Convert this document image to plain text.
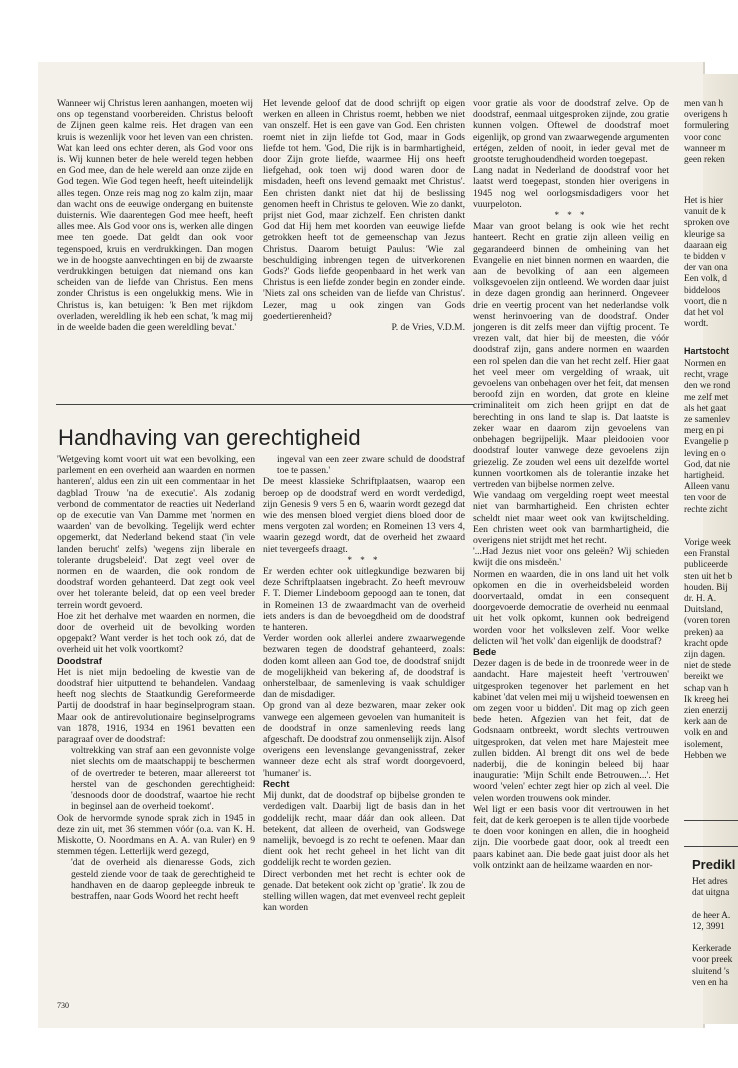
Wanneer wij Christus leren aanhangen, moeten wij ons op tegenstand voorbereiden. Christus belooft de Zijnen geen kalme reis. Het dragen van een kruis is wezenlijk voor het leven van een christen. Wat kan leed ons echter deren, als God voor ons is. Wij kunnen beter de hele wereld tegen hebben en God mee, dan de hele wereld aan onze zijde en God tegen. Wie God tegen heeft, heeft uiteindelijk alles tegen. Onze reis mag nog zo kalm zijn, maar dan wacht ons de eeuwige ondergang en buitenste duisternis. Wie daarentegen God mee heeft, heeft alles mee. Als God voor ons is, werken alle dingen mee ten goede. Dat geldt dan ook voor tegenspoed, kruis en verdrukkingen. Dan mogen we in de hoogste aanvechtingen en bij de zwaarste verdrukkingen betuigen dat niemand ons kan scheiden van de liefde van Christus. Een mens zonder Christus is een ongelukkig mens. Wie in Christus is, kan betuigen: 'k Ben met rijkdom overladen, wereldling ik heb een schat, 'k mag mij in de weelde baden die geen wereldling bevat.'

Het levende geloof dat de dood schrijft op eigen werken en alleen in Christus roemt, hebben we niet van onszelf. Het is een gave van God. Een christen roemt niet in zijn liefde tot God, maar in Gods liefde tot hem. 'God, Die rijk is in barmhartigheid, door Zijn grote liefde, waarmee Hij ons heeft liefgehad, ook toen wij dood waren door de misdaden, heeft ons levend gemaakt met Christus'. Een christen dankt niet dat hij de beslissing genomen heeft in Christus te geloven. Wie zo dankt, prijst niet God, maar zichzelf. Een christen dankt God dat Hij hem met koorden van eeuwige liefde getrokken heeft tot de gemeenschap van Jezus Christus. Daarom betuigt Paulus: 'Wie zal beschuldiging inbrengen tegen de uitverkorenen Gods?' Gods liefde geopenbaard in het werk van Christus is een liefde zonder begin en zonder einde. 'Niets zal ons scheiden van de liefde van Christus'. Lezer, mag u ook zingen van Gods goedertierenheid?

P. de Vries, V.D.M.

Handhaving van gerechtigheid

'Wetgeving komt voort uit wat een bevolking, een parlement en een overheid aan waarden en normen hanteren', aldus een zin uit een commentaar in het dagblad Trouw 'na de executie'. Als zodanig verbond de commentator de reacties uit Nederland op de executie van Van Damme met 'normen en waarden' van de bevolking. Tegelijk werd echter opgemerkt, dat Nederland bekend staat ('in vele landen berucht' zelfs) 'wegens zijn liberale en tolerante drugsbeleid'. Dat zegt veel over de normen en de waarden, die ook rondom de doodstraf worden gehanteerd. Dat zegt ook veel over het tolerante beleid, dat op een veel breder terrein wordt gevoerd.

Hoe zit het derhalve met waarden en normen, die door de overheid uit de bevolking worden opgepakt? Want verder is het toch ook zó, dat de overheid uit het volk voortkomt?

Doodstraf

Het is niet mijn bedoeling de kwestie van de doodstraf hier uitputtend te behandelen. Vandaag heeft nog slechts de Staatkundig Gereformeerde Partij de doodstraf in haar beginselprogram staan. Maar ook de antirevolutionaire beginselprograms van 1878, 1916, 1934 en 1961 bevatten een paragraaf over de doodstraf:

voltrekking van straf aan een gevonniste volge niet slechts om de maatschappij te beschermen of de overtreder te beteren, maar allereerst tot herstel van de geschonden gerechtigheid: 'desnoods door de doodstraf, waartoe hie recht in beginsel aan de overheid toekomt'.

Ook de hervormde synode sprak zich in 1945 in deze zin uit, met 36 stemmen vóór (o.a. van K. H. Miskotte, O. Noordmans en A. A. van Ruler) en 9 stemmen tégen. Letterlijk werd gezegd,

'dat de overheid als dienaresse Gods, zich gesteld ziende voor de taak de gerechtigheid te handhaven en de daarop gepleegde inbreuk te bestraffen, naar Gods Woord het recht heeft

ingeval van een zeer zware schuld de doodstraf toe te passen.'

De meest klassieke Schriftplaatsen, waarop een beroep op de doodstraf werd en wordt verdedigd, zijn Genesis 9 vers 5 en 6, waarin wordt gezegd dat wie des mensen bloed vergiet diens bloed door de mens vergoten zal worden; en Romeinen 13 vers 4, waarin gezegd wordt, dat de overheid het zwaard niet tevergeefs draagt.

* * *

Er werden echter ook uitlegkundige bezwaren bij deze Schriftplaatsen ingebracht. Zo heeft mevrouw F. T. Diemer Lindeboom gepoogd aan te tonen, dat in Romeinen 13 de zwaardmacht van de overheid iets anders is dan de bevoegdheid om de doodstraf te hanteren.

Verder worden ook allerlei andere zwaarwegende bezwaren tegen de doodstraf gehanteerd, zoals: doden komt alleen aan God toe, de doodstraf snijdt de mogelijkheid van bekering af, de doodstraf is onherstelbaar, de samenleving is vaak schuldiger dan de misdadiger.

Op grond van al deze bezwaren, maar zeker ook vanwege een algemeen gevoelen van humaniteit is de doodstraf in onze samenleving reeds lang afgeschaft. De doodstraf zou onmenselijk zijn. Alsof overigens een levenslange gevangenisstraf, zeker wanneer deze echt als straf wordt doorgevoerd, 'humaner' is.

Recht

Mij dunkt, dat de doodstraf op bijbelse gronden te verdedigen valt. Daarbij ligt de basis dan in het goddelijk recht, maar dáár dan ook alleen. Dat betekent, dat alleen de overheid, van Godswege namelijk, bevoegd is zo recht te oefenen. Maar dan dient ook het recht geheel in het licht van dit goddelijk recht te worden gezien.

Direct verbonden met het recht is echter ook de genade. Dat betekent ook zicht op 'gratie'. Ik zou de stelling willen wagen, dat met evenveel recht gepleit kan worden

voor gratie als voor de doodstraf zelve. Op de doodstraf, eenmaal uitgesproken zijnde, zou gratie kunnen volgen. Oftewel de doodstraf moet eigenlijk, op grond van zwaarwegende argumenten ertégen, zelden of nooit, in ieder geval met de grootste terughoudendheid worden toegepast.

Lang nadat in Nederland de doodstraf voor het laatst werd toegepast, stonden hier overigens in 1945 nog wel oorlogsmisdadigers voor het vuurpeloton.

* * *

Maar van groot belang is ook wie het recht hanteert. Recht en gratie zijn alleen veilig en gegarandeerd binnen de omheining van het Evangelie en niet binnen normen en waarden, die aan de bevolking of aan een algemeen volksgevoelen zijn ontleend. We worden daar juist in deze dagen grondig aan herinnerd. Ongeveer drie en veertig procent van het nederlandse volk wenst herinvoering van de doodstraf. Onder jongeren is dit zelfs meer dan vijftig procent. Te vrezen valt, dat hier bij de meesten, die vóór doodstraf zijn, gans andere normen en waarden een rol spelen dan die van het recht zelf. Hier gaat het veel meer om vergelding of wraak, uit gevoelens van onbehagen over het feit, dat mensen beroofd zijn en worden, dat grote en kleine criminaliteit om zich heen grijpt en dat de berechting in ons land te slap is. Dat laatste is zeker waar en daarom zijn gevoelens van onbehagen begrijpelijk. Maar pleidooien voor doodstraf louter vanwege deze gevoelens zijn griezelig. Ze zouden wel eens uit dezelfde wortel kunnen voortkomen als de tolerantie inzake het vertreden van bijbelse normen zelve.

Wie vandaag om vergelding roept weet meestal niet van barmhartigheid. Een christen echter scheldt niet maar weet ook van kwijtschelding. Een christen weet ook van barmhartigheid, die overigens niet strijdt met het recht.

'...Had Jezus niet voor ons geleën? Wij schieden kwijt die ons misdeën.'

Normen en waarden, die in ons land uit het volk opkomen en die in overheidsbeleid worden doorvertaald, omdat in een consequent doorgevoerde democratie de overheid nu eenmaal uit het volk opkomt, kunnen ook bedreigend worden voor het volksleven zelf. Voor welke delicten wil 'het volk' dan eigenlijk de doodstraf?

Bede

Dezer dagen is de bede in de troonrede weer in de aandacht. Hare majesteit heeft 'vertrouwen' uitgesproken tegenover het parlement en het kabinet 'dat velen mei mij u wijsheid toewensen en om zegen voor u bidden'. Dit mag op zich geen bede heten. Afgezien van het feit, dat de Godsnaam ontbreekt, wordt slechts vertrouwen uitgesproken, dat velen met hare Majesteit mee zullen bidden. Al brengt dit ons wel de bede naderbij, die de koningin beleed bij haar inauguratie: 'Mijn Schilt ende Betrouwen...'. Het woord 'velen' echter zegt hier op zich al veel. Die velen worden trouwens ook minder.

Wel ligt er een basis voor dit vertrouwen in het feit, dat de kerk geroepen is te allen tijde voorbede te doen voor koningen en allen, die in hoogheid zijn. Die voorbede gaat door, ook al treedt een paars kabinet aan. Die bede gaat juist door als het volk ontzinkt aan de heilzame waarden en nor-

730
men van h
overigens h
formulering
voor conc
wanneer m
geen reken
Het is hier
vanuit de k
sproken ove
kleurige sa
daaraan eig
te bidden v
der van ona
Een volk, d
biddeloos
voort, die n
dat het vol
wordt.
Hartstocht
Normen en
recht, vrage
den we rond
me zelf met
als het gaat
ze samenlev
merg en pi
Evangelie p
leving en o
God, dat nie
hartigheid.
Alleen vanu
ten voor de
rechte zicht
Vorige week
een Franstal
publiceerde
sten uit het b
houden. Bij
dr. H. A.
Duitsland,
(voren toren
preken) aa
kracht opde
zijn dagen.
niet de stede
bereikt we
schap van h
Ik kreeg hei
zien enerzij
kerk aan de
volk en and
isolement,
Hebben we
Predikl
Het adres
dat uitgna

de heer A.
12, 3991

Kerkerade
voor preek
sluitend 's
ven en ha
